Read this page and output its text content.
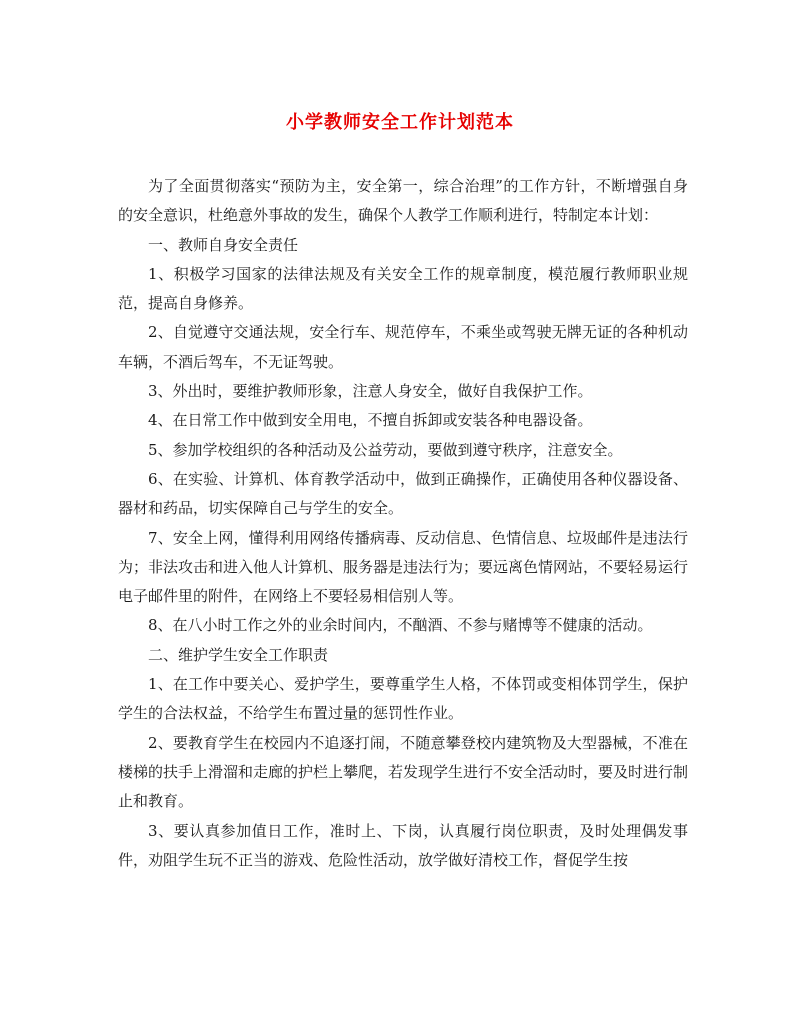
小学教师安全工作计划范本

为了全面贯彻落实“预防为主，安全第一，综合治理”的工作方针，不断增强自身的安全意识，杜绝意外事故的发生，确保个人教学工作顺利进行，特制定本计划：

一、教师自身安全责任

1、积极学习国家的法律法规及有关安全工作的规章制度，模范履行教师职业规范，提高自身修养。

2、自觉遵守交通法规，安全行车、规范停车，不乘坐或驾驶无牌无证的各种机动车辆，不酒后驾车，不无证驾驶。

3、外出时，要维护教师形象，注意人身安全，做好自我保护工作。

4、在日常工作中做到安全用电，不擅自拆卸或安装各种电器设备。

5、参加学校组织的各种活动及公益劳动，要做到遵守秩序，注意安全。

6、在实验、计算机、体育教学活动中，做到正确操作，正确使用各种仪器设备、器材和药品，切实保障自己与学生的安全。

7、安全上网，懂得利用网络传播病毒、反动信息、色情信息、垃圾邮件是违法行为；非法攻击和进入他人计算机、服务器是违法行为；要远离色情网站，不要轻易运行电子邮件里的附件，在网络上不要轻易相信别人等。

8、在八小时工作之外的业余时间内，不酗酒、不参与赌博等不健康的活动。

二、维护学生安全工作职责

1、在工作中要关心、爱护学生，要尊重学生人格，不体罚或变相体罚学生，保护学生的合法权益，不给学生布置过量的惩罚性作业。

2、要教育学生在校园内不追逐打闹，不随意攀登校内建筑物及大型器械，不准在楼梯的扶手上滑溜和走廊的护栏上攀爬，若发现学生进行不安全活动时，要及时进行制止和教育。

3、要认真参加值日工作，准时上、下岗，认真履行岗位职责，及时处理偶发事件，劝阻学生玩不正当的游戏、危险性活动，放学做好清校工作，督促学生按
